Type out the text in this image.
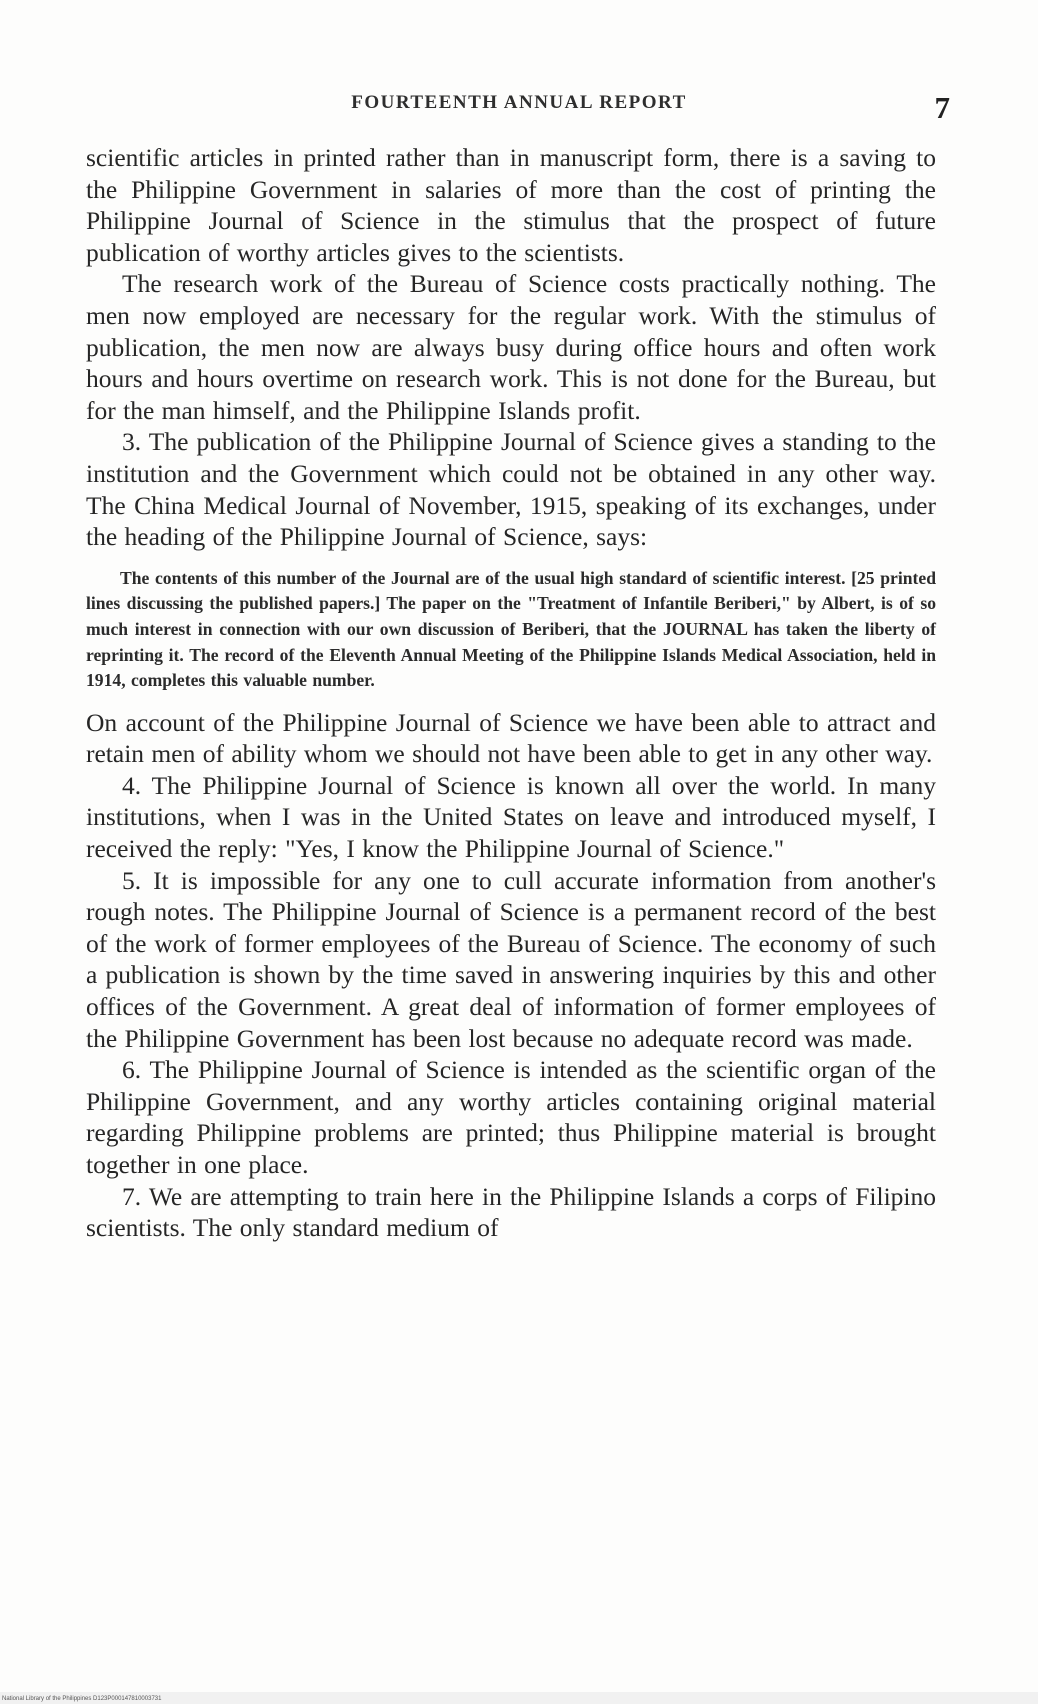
FOURTEENTH ANNUAL REPORT	7

scientific articles in printed rather than in manuscript form, there is a saving to the Philippine Government in salaries of more than the cost of printing the Philippine Journal of Science in the stimulus that the prospect of future publication of worthy articles gives to the scientists.

The research work of the Bureau of Science costs practically nothing. The men now employed are necessary for the regular work. With the stimulus of publication, the men now are always busy during office hours and often work hours and hours overtime on research work. This is not done for the Bureau, but for the man himself, and the Philippine Islands profit.

3. The publication of the Philippine Journal of Science gives a standing to the institution and the Government which could not be obtained in any other way. The China Medical Journal of November, 1915, speaking of its exchanges, under the heading of the Philippine Journal of Science, says:

The contents of this number of the Journal are of the usual high standard of scientific interest. [25 printed lines discussing the published papers.] The paper on the "Treatment of Infantile Beriberi," by Albert, is of so much interest in connection with our own discussion of Beriberi, that the JOURNAL has taken the liberty of reprinting it. The record of the Eleventh Annual Meeting of the Philippine Islands Medical Association, held in 1914, completes this valuable number.

On account of the Philippine Journal of Science we have been able to attract and retain men of ability whom we should not have been able to get in any other way.

4. The Philippine Journal of Science is known all over the world. In many institutions, when I was in the United States on leave and introduced myself, I received the reply: "Yes, I know the Philippine Journal of Science."

5. It is impossible for any one to cull accurate information from another's rough notes. The Philippine Journal of Science is a permanent record of the best of the work of former employees of the Bureau of Science. The economy of such a publication is shown by the time saved in answering inquiries by this and other offices of the Government. A great deal of information of former employees of the Philippine Government has been lost because no adequate record was made.

6. The Philippine Journal of Science is intended as the scientific organ of the Philippine Government, and any worthy articles containing original material regarding Philippine problems are printed; thus Philippine material is brought together in one place.

7. We are attempting to train here in the Philippine Islands a corps of Filipino scientists. The only standard medium of

National Library of the Philippines D123P000147810003731
